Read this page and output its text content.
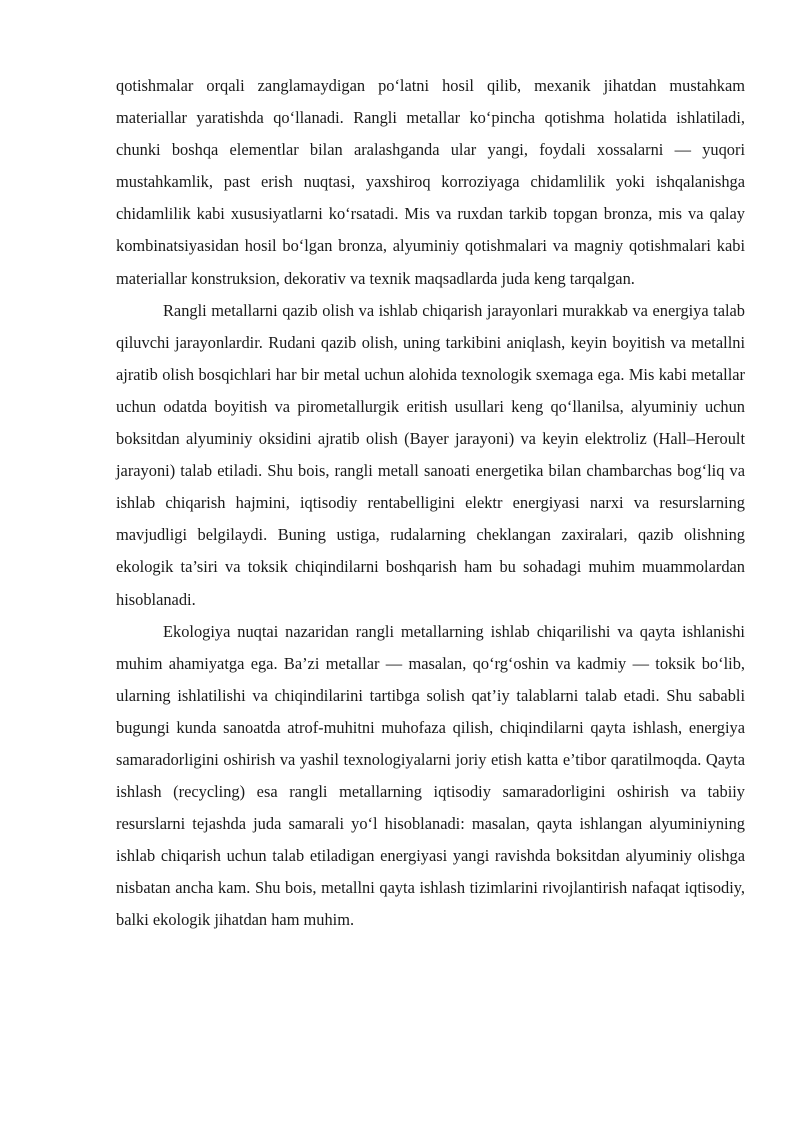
qotishmalar orqali zanglamaydigan po‘latni hosil qilib, mexanik jihatdan mustahkam materiallar yaratishda qo‘llanadi. Rangli metallar ko‘pincha qotishma holatida ishlatiladi, chunki boshqa elementlar bilan aralashganda ular yangi, foydali xossalarni — yuqori mustahkamlik, past erish nuqtasi, yaxshiroq korroziyaga chidamlilik yoki ishqalanishga chidamlilik kabi xususiyatlarni ko‘rsatadi. Mis va ruxdan tarkib topgan bronza, mis va qalay kombinatsiyasidan hosil bo‘lgan bronza, alyuminiy qotishmalari va magniy qotishmalari kabi materiallar konstruksion, dekorativ va texnik maqsadlarda juda keng tarqalgan.

Rangli metallarni qazib olish va ishlab chiqarish jarayonlari murakkab va energiya talab qiluvchi jarayonlardir. Rudani qazib olish, uning tarkibini aniqlash, keyin boyitish va metallni ajratib olish bosqichlari har bir metal uchun alohida texnologik sxemaga ega. Mis kabi metallar uchun odatda boyitish va pirometallurgik eritish usullari keng qo‘llanilsa, alyuminiy uchun boksitdan alyuminiy oksidini ajratib olish (Bayer jarayoni) va keyin elektroliz (Hall–Heroult jarayoni) talab etiladi. Shu bois, rangli metall sanoati energetika bilan chambarchas bog‘liq va ishlab chiqarish hajmini, iqtisodiy rentabelligini elektr energiyasi narxi va resurslarning mavjudligi belgilaydi. Buning ustiga, rudalarning cheklangan zaxiralari, qazib olishning ekologik ta’siri va toksik chiqindilarni boshqarish ham bu sohadagi muhim muammolardan hisoblanadi.

Ekologiya nuqtai nazaridan rangli metallarning ishlab chiqarilishi va qayta ishlanishi muhim ahamiyatga ega. Ba’zi metallar — masalan, qo‘rg‘oshin va kadmiy — toksik bo‘lib, ularning ishlatilishi va chiqindilarini tartibga solish qat’iy talablarni talab etadi. Shu sababli bugungi kunda sanoatda atrof-muhitni muhofaza qilish, chiqindilarni qayta ishlash, energiya samaradorligini oshirish va yashil texnologiyalarni joriy etish katta e’tibor qaratilmoqda. Qayta ishlash (recycling) esa rangli metallarning iqtisodiy samaradorligini oshirish va tabiiy resurslarni tejashda juda samarali yo‘l hisoblanadi: masalan, qayta ishlangan alyuminiyning ishlab chiqarish uchun talab etiladigan energiyasi yangi ravishda boksitdan alyuminiy olishga nisbatan ancha kam. Shu bois, metallni qayta ishlash tizimlarini rivojlantirish nafaqat iqtisodiy, balki ekologik jihatdan ham muhim.
